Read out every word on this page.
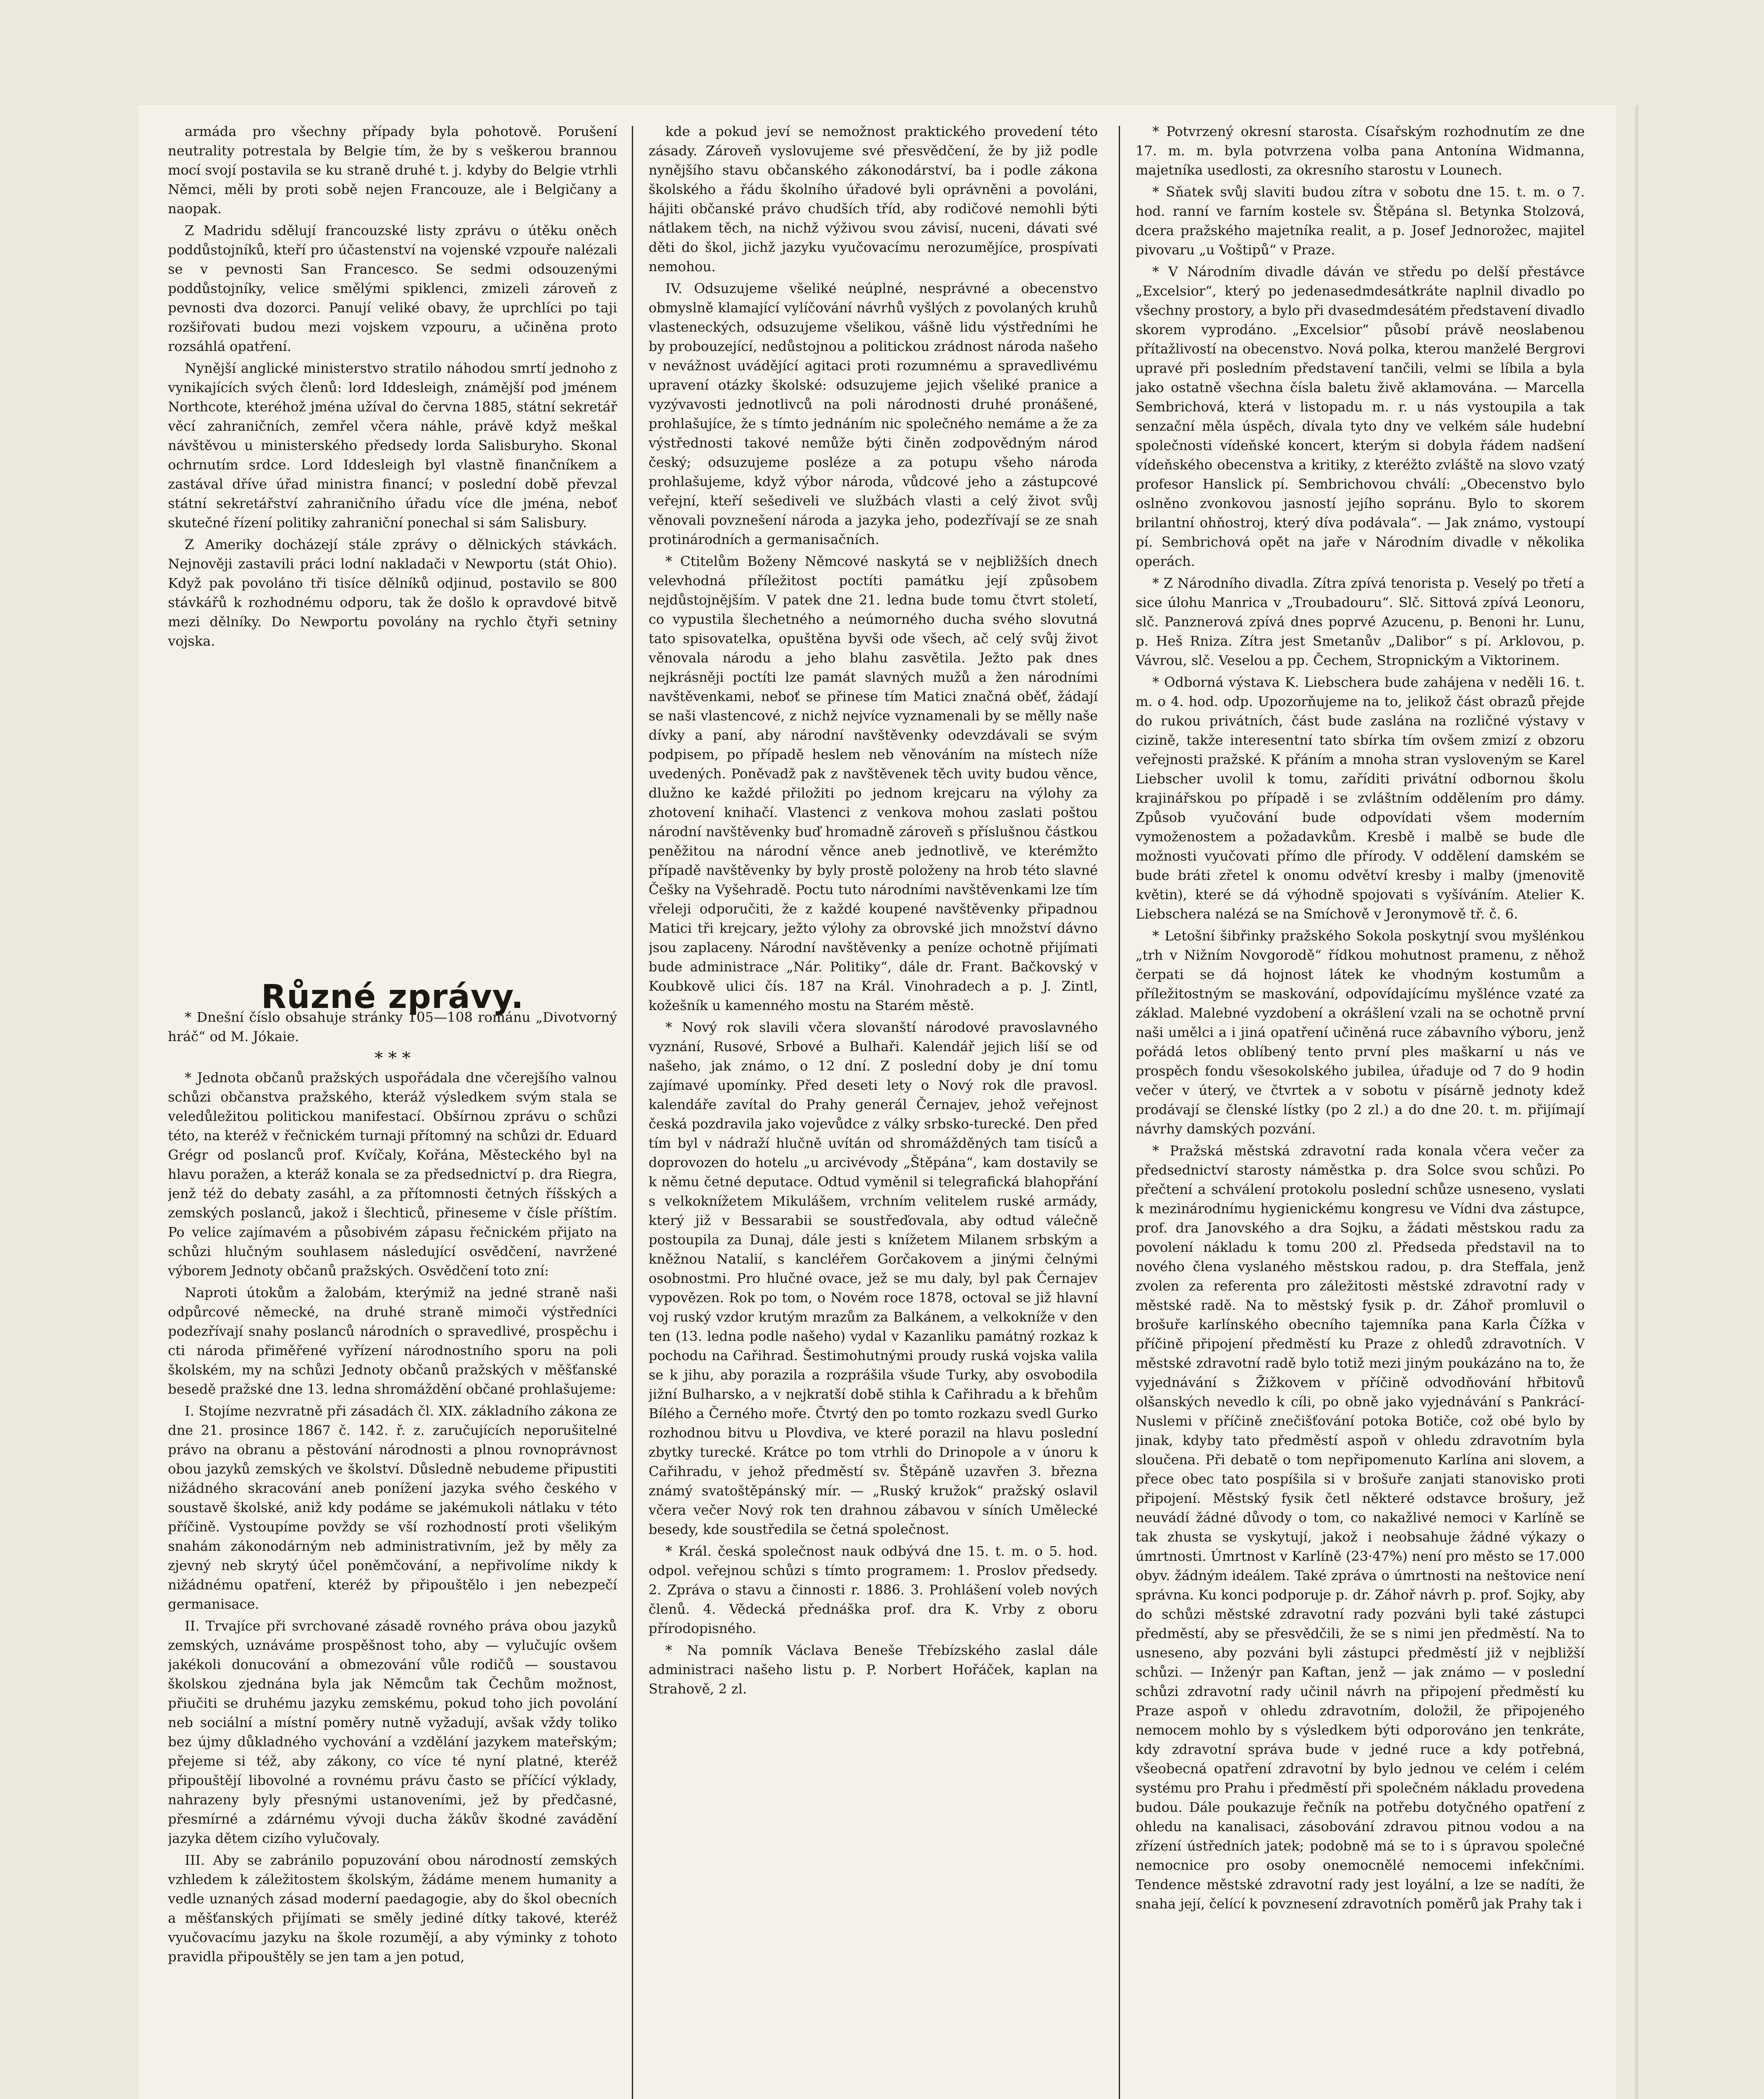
armáda pro všechny případy byla pohotově. Porušení neutrality potrestala by Belgie tím, že by s veškerou brannou mocí svojí postavila se ku straně druhé t. j. kdyby do Belgie vtrhli Němci, měli by proti sobě nejen Francouze, ale i Belgičany a naopak.

Z Madridu sdělují francouzské listy zprávu o útěku oněch poddůstojníků, kteří pro účastenství na vojenské vzpouře nalézali se v pevnosti San Francesco. Se sedmi odsouzenými poddůstojníky, velice smělými spiklenci, zmizeli zároveň z pevnosti dva dozorci. Panují veliké obavy, že uprchlíci po taji rozšiřovati budou mezi vojskem vzpouru, a učiněna proto rozsáhlá opatření.

Nynější anglické ministerstvo stratilo náhodou smrtí jednoho z vynikajících svých členů: lord Iddesleigh, známější pod jménem Northcote, kteréhož jména užíval do června 1885, státní sekretář věcí zahraničních, zemřel včera náhle, právě když meškal návštěvou u ministerského předsedy lorda Salisburyho. Skonal ochrnutím srdce. Lord Iddesleigh byl vlastně finančníkem a zastával dříve úřad ministra financí; v poslední době převzal státní sekretářství zahraničního úřadu více dle jména, neboť skutečné řízení politiky zahraniční ponechal si sám Salisbury.

Z Ameriky docházejí stále zprávy o dělnických stávkách. Nejnověji zastavili práci lodní nakladači v Newportu (stát Ohio). Když pak povoláno tři tisíce dělníků odjinud, postavilo se 800 stávkářů k rozhodnému odporu, tak že došlo k opravdové bitvě mezi dělníky. Do Newportu povolány na rychlo čtyři setniny vojska.

Různé zprávy.

* Dnešní číslo obsahuje stránky 105—108 románu „Divotvorný hráč“ od M. Jókaie.

* * *

* Jednota občanů pražských uspořádala dne včerejšího valnou schůzi občanstva pražského, kteráž výsledkem svým stala se veledůležitou politickou manifestací. Obšírnou zprávu o schůzi této, na kteréž v řečnickém turnaji přítomný na schůzi dr. Eduard Grégr od poslanců prof. Kvíčaly, Kořána, Městeckého byl na hlavu poražen, a kteráž konala se za předsednictví p. dra Riegra, jenž též do debaty zasáhl, a za přítomnosti četných říšských a zemských poslanců, jakož i šlechticů, přineseme v čísle příštím. Po velice zajímavém a působivém zápasu řečnickém přijato na schůzi hlučným souhlasem následující osvědčení, navržené výborem Jednoty občanů pražských. Osvědčení toto zní:

Naproti útokům a žalobám, kterýmiž na jedné straně naši odpůrcové německé, na druhé straně mimoči výstředníci podezřívají snahy poslanců národních o spravedlivé, prospěchu i cti národa přiměřené vyřízení národnostního sporu na poli školském, my na schůzi Jednoty občanů pražských v měšťanské besedě pražské dne 13. ledna shromáždění občané prohlašujeme:

I. Stojíme nezvratně při zásadách čl. XIX. základního zákona ze dne 21. prosince 1867 č. 142. ř. z. zaručujících neporušitelné právo na obranu a pěstování národnosti a plnou rovnoprávnost obou jazyků zemských ve školství. Důsledně nebudeme připustiti nižádného skracování aneb ponížení jazyka svého českého v soustavě školské, aniž kdy podáme se jakémukoli nátlaku v této příčině. Vystoupíme povždy se vší rozhodností proti všelikým snahám zákonodárným neb administrativním, jež by měly za zjevný neb skrytý účel poněmčování, a nepřivolíme nikdy k nižádnému opatření, kteréž by připouštělo i jen nebezpečí germanisace.

II. Trvajíce při svrchované zásadě rovného práva obou jazyků zemských, uznáváme prospěšnost toho, aby — vylučujíc ovšem jakékoli donucování a obmezování vůle rodičů — soustavou školskou zjednána byla jak Němcům tak Čechům možnost, přiučiti se druhému jazyku zemskému, pokud toho jich povolání neb sociální a místní poměry nutně vyžadují, avšak vždy toliko bez újmy důkladného vychování a vzdělání jazykem mateřským; přejeme si též, aby zákony, co více té nyní platné, kteréž připouštějí libovolné a rovnému právu často se příčící výklady, nahrazeny byly přesnými ustanoveními, jež by předčasné, přesmírné a zdárnému vývoji ducha žákův škodné zavádění jazyka dětem cizího vylučovaly.

III. Aby se zabránilo popuzování obou národností zemských vzhledem k záležitostem školským, žádáme menem humanity a vedle uznaných zásad moderní paedagogie, aby do škol obecních a měšťanských přijímati se směly jediné dítky takové, kteréž vyučovacímu jazyku na škole rozumějí, a aby výminky z tohoto pravidla připouštěly se jen tam a jen potud,

kde a pokud jeví se nemožnost praktického provedení této zásady. Zároveň vyslovujeme své přesvědčení, že by již podle nynějšího stavu občanského zákonodárství, ba i podle zákona školského a řádu školního úřadové byli oprávněni a povoláni, hájiti občanské právo chudších tříd, aby rodičové nemohli býti nátlakem těch, na nichž výživou svou závisí, nuceni, dávati své děti do škol, jichž jazyku vyučovacímu nerozumějíce, prospívati nemohou.

IV. Odsuzujeme všeliké neúplné, nesprávné a obecenstvo obmyslně klamající vylíčování návrhů vyšlých z povolaných kruhů vlasteneckých, odsuzujeme všelikou, vášně lidu výstředními he by probouzející, nedůstojnou a politickou zrádnost národa našeho v nevážnost uvádějící agitaci proti rozumnému a spravedlivému upravení otázky školské: odsuzujeme jejich všeliké pranice a vyzývavosti jednotlivců na poli národnosti druhé pronášené, prohlašujíce, že s tímto jednáním nic společného nemáme a že za výstřednosti takové nemůže býti činěn zodpovědným národ český; odsuzujeme posléze a za potupu všeho národa prohlašujeme, když výbor národa, vůdcové jeho a zástupcové veřejní, kteří sešediveli ve službách vlasti a celý život svůj věnovali povznešení národa a jazyka jeho, podezřívají se ze snah protinárodních a germanisačních.

* Ctitelům Boženy Němcové naskytá se v nejbližších dnech velevhodná příležitost poctíti památku její způsobem nejdůstojnějším. V patek dne 21. ledna bude tomu čtvrt století, co vypustila šlechetného a neúmorného ducha svého slovutná tato spisovatelka, opuštěna byvši ode všech, ač celý svůj život věnovala národu a jeho blahu zasvětila. Ježto pak dnes nejkrásněji poctíti lze památ slavných mužů a žen národními navštěvenkami, neboť se přinese tím Matici značná oběť, žádají se naši vlastencové, z nichž nejvíce vyznamenali by se mělly naše dívky a paní, aby národní navštěvenky odevzdávali se svým podpisem, po případě heslem neb věnováním na místech níže uvedených. Poněvadž pak z navštěvenek těch uvity budou věnce, dlužno ke každé přiložiti po jednom krejcaru na výlohy za zhotovení knihačí. Vlastenci z venkova mohou zaslati poštou národní navštěvenky buď hromadně zároveň s příslušnou částkou peněžitou na národní věnce aneb jednotlivě, ve kterémžto případě navštěvenky by byly prostě položeny na hrob této slavné Češky na Vyšehradě. Poctu tuto národními navštěvenkami lze tím vřeleji odporučiti, že z každé koupené navštěvenky připadnou Matici tři krejcary, ježto výlohy za obrovské jich množství dávno jsou zaplaceny. Národní navštěvenky a peníze ochotně přijímati bude administrace „Nár. Politiky“, dále dr. Frant. Bačkovský v Koubkově ulici čís. 187 na Král. Vinohradech a p. J. Zintl, kožešník u kamenného mostu na Starém městě.

* Nový rok slavili včera slovanští národové pravoslavného vyznání, Rusové, Srbové a Bulhaři. Kalendář jejich liší se od našeho, jak známo, o 12 dní. Z poslední doby je dní tomu zajímavé upomínky. Před deseti lety o Nový rok dle pravosl. kalendáře zavítal do Prahy generál Černajev, jehož veřejnost česká pozdravila jako vojevůdce z války srbsko-turecké. Den před tím byl v nádraží hlučně uvítán od shromážděných tam tisíců a doprovozen do hotelu „u arcivévody „Štěpána“, kam dostavily se k němu četné deputace. Odtud vyměnil si telegrafická blahopřání s velkoknížetem Mikulášem, vrchním velitelem ruské armády, který již v Bessarabii se soustřeďovala, aby odtud válečně postoupila za Dunaj, dále jesti s knížetem Milanem srbským a kněžnou Natalií, s kancléřem Gorčakovem a jinými čelnými osobnostmi. Pro hlučné ovace, jež se mu daly, byl pak Černajev vypovězen. Rok po tom, o Novém roce 1878, octoval se již hlavní voj ruský vzdor krutým mrazům za Balkánem, a velkokníže v den ten (13. ledna podle našeho) vydal v Kazanliku památný rozkaz k pochodu na Cařihrad. Šestimohutnými proudy ruská vojska valila se k jihu, aby porazila a rozprášila všude Turky, aby osvobodila jižní Bulharsko, a v nejkratší době stihla k Cařihradu a k břehům Bílého a Černého moře. Čtvrtý den po tomto rozkazu svedl Gurko rozhodnou bitvu u Plovdiva, ve které porazil na hlavu poslední zbytky turecké. Krátce po tom vtrhli do Drinopole a v únoru k Cařihradu, v jehož předměstí sv. Štěpáně uzavřen 3. března známý svatoštěpánský mír. — „Ruský kružok“ pražský oslavil včera večer Nový rok ten drahnou zábavou v síních Umělecké besedy, kde soustředila se četná společnost.

* Král. česká společnost nauk odbývá dne 15. t. m. o 5. hod. odpol. veřejnou schůzi s tímto programem: 1. Proslov předsedy. 2. Zpráva o stavu a činnosti r. 1886. 3. Prohlášení voleb nových členů. 4. Vědecká přednáška prof. dra K. Vrby z oboru přírodopisného.

* Na pomník Václava Beneše Třebízského zaslal dále administraci našeho listu p. P. Norbert Hořáček, kaplan na Strahově, 2 zl.

* Potvrzený okresní starosta. Císařským rozhodnutím ze dne 17. m. m. byla potvrzena volba pana Antonína Widmanna, majetníka usedlosti, za okresního starostu v Lounech.

* Sňatek svůj slaviti budou zítra v sobotu dne 15. t. m. o 7. hod. ranní ve farním kostele sv. Štěpána sl. Betynka Stolzová, dcera pražského majetníka realit, a p. Josef Jednorožec, majitel pivovaru „u Voštipů“ v Praze.

* V Národním divadle dáván ve středu po delší přestávce „Excelsior“, který po jedenasedmdesátkráte naplnil divadlo po všechny prostory, a bylo při dvasedmdesátém představení divadlo skorem vyprodáno. „Excelsior“ působí právě neoslabenou přítažlivostí na obecenstvo. Nová polka, kterou manželé Bergrovi upravé při posledním představení tančili, velmi se líbila a byla jako ostatně všechna čísla baletu živě aklamována. — Marcella Sembrichová, která v listopadu m. r. u nás vystoupila a tak senzační měla úspěch, dívala tyto dny ve velkém sále hudební společnosti vídeňské koncert, kterým si dobyla řádem nadšení vídeňského obecenstva a kritiky, z kteréžto zvláště na slovo vzatý profesor Hanslick pí. Sembrichovou chválí: „Obecenstvo bylo oslněno zvonkovou jasností jejího sopránu. Bylo to skorem brilantní ohňostroj, který díva podávala“. — Jak známo, vystoupí pí. Sembrichová opět na jaře v Národním divadle v několika operách.

* Z Národního divadla. Zítra zpívá tenorista p. Veselý po třetí a sice úlohu Manrica v „Troubadouru“. Slč. Sittová zpívá Leonoru, slč. Panznerová zpívá dnes poprvé Azucenu, p. Benoni hr. Lunu, p. Heš Rniza. Zítra jest Smetanův „Dalibor“ s pí. Arklovou, p. Vávrou, slč. Veselou a pp. Čechem, Stropnickým a Viktorinem.

* Odborná výstava K. Liebschera bude zahájena v neděli 16. t. m. o 4. hod. odp. Upozorňujeme na to, jelikož část obrazů přejde do rukou privátních, část bude zaslána na rozličné výstavy v cizině, takže interesentní tato sbírka tím ovšem zmizí z obzoru veřejnosti pražské. K přáním a mnoha stran vysloveným se Karel Liebscher uvolil k tomu, zaříditi privátní odbornou školu krajinářskou po případě i se zvláštním oddělením pro dámy. Způsob vyučování bude odpovídati všem moderním vymoženostem a požadavkům. Kresbě i malbě se bude dle možnosti vyučovati přímo dle přírody. V oddělení damském se bude bráti zřetel k onomu odvětví kresby i malby (jmenovitě květin), které se dá výhodně spojovati s vyšíváním. Atelier K. Liebschera nalézá se na Smíchově v Jeronymově tř. č. 6.

* Letošní šibřinky pražského Sokola poskytnjí svou myšlénkou „trh v Nižním Novgorodě“ řídkou mohutnost pramenu, z něhož čerpati se dá hojnost látek ke vhodným kostumům a příležitostným se maskování, odpovídajícímu myšlénce vzaté za základ. Malebné vyzdobení a okrášlení vzali na se ochotně první naši umělci a i jiná opatření učiněná ruce zábavního výboru, jenž pořádá letos oblíbený tento první ples maškarní u nás ve prospěch fondu všesokolského jubilea, úřaduje od 7 do 9 hodin večer v úterý, ve čtvrtek a v sobotu v písárně jednoty kdež prodávají se členské lístky (po 2 zl.) a do dne 20. t. m. přijímají návrhy damských pozvání.

* Pražská městská zdravotní rada konala včera večer za předsednictví starosty náměstka p. dra Solce svou schůzi. Po přečtení a schválení protokolu poslední schůze usneseno, vyslati k mezinárodnímu hygienickému kongresu ve Vídni dva zástupce, prof. dra Janovského a dra Sojku, a žádati městskou radu za povolení nákladu k tomu 200 zl. Předseda představil na to nového člena vyslaného městskou radou, p. dra Steffala, jenž zvolen za referenta pro záležitosti městské zdravotní rady v městské radě. Na to městský fysik p. dr. Záhoř promluvil o brošuře karlínského obecního tajemníka pana Karla Čížka v příčině připojení předměstí ku Praze z ohledů zdravotních. V městské zdravotní radě bylo totiž mezi jiným poukázáno na to, že vyjednávání s Žižkovem v příčině odvodňování hřbitovů olšanských nevedlo k cíli, po obně jako vyjednávání s Pankrácí-Nuslemi v příčině znečišťování potoka Botiče, což obé bylo by jinak, kdyby tato předměstí aspoň v ohledu zdravotním byla sloučena. Při debatě o tom nepřipomenuto Karlína ani slovem, a přece obec tato pospíšila si v brošuře zanjati stanovisko proti připojení. Městský fysik četl některé odstavce brošury, jež neuvádí žádné důvody o tom, co nakažlivé nemoci v Karlíně se tak zhusta se vyskytují, jakož i neobsahuje žádné výkazy o úmrtnosti. Úmrtnost v Karlíně (23·47%) není pro město se 17.000 obyv. žádným ideálem. Také zpráva o úmrtnosti na neštovice není správna. Ku konci podporuje p. dr. Záhoř návrh p. prof. Sojky, aby do schůzi městské zdravotní rady pozváni byli také zástupci předměstí, aby se přesvědčili, že se s nimi jen předměstí. Na to usneseno, aby pozváni byli zástupci předměstí již v nejbližší schůzi. — Inženýr pan Kaftan, jenž — jak známo — v poslední schůzi zdravotní rady učinil návrh na připojení předměstí ku Praze aspoň v ohledu zdravotním, doložil, že připojeného nemocem mohlo by s výsledkem býti odporováno jen tenkráte, kdy zdravotní správa bude v jedné ruce a kdy potřebná, všeobecná opatření zdravotní by bylo jednou ve celém i celém systému pro Prahu i předměstí při společném nákladu provedena budou. Dále poukazuje řečník na potřebu dotyčného opatření z ohledu na kanalisaci, zásobování zdravou pitnou vodou a na zřízení ústředních jatek; podobně má se to i s úpravou společné nemocnice pro osoby onemocnělé nemocemi infekčními. Tendence městské zdravotní rady jest loyální, a lze se nadíti, že snaha její, čelící k povznesení zdravotních poměrů jak Prahy tak i
